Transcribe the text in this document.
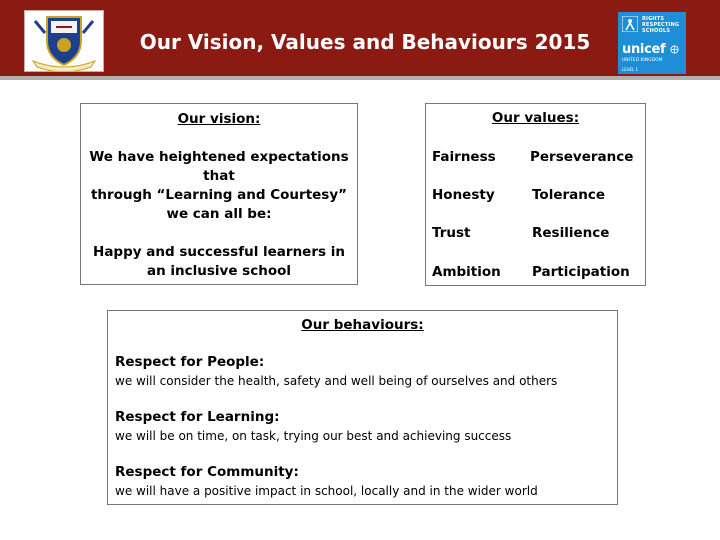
Our Vision, Values and Behaviours 2015
RIGHTS
RESPECTING
SCHOOLS
unicef
UNITED KINGDOM
LEVEL 1
Our vision:
We have heightened expectations
that
through “Learning and Courtesy”
we can all be:
Happy and successful learners in
an inclusive school
Our values:
Fairness	Perseverance
Honesty	Tolerance
Trust	Resilience
Ambition Participation
Our behaviours:
Respect for People:
we will consider the health, safety and well being of ourselves and others
Respect for Learning:
we will be on time, on task, trying our best and achieving success
Respect for Community:
we will have a positive impact in school, locally and in the wider world
